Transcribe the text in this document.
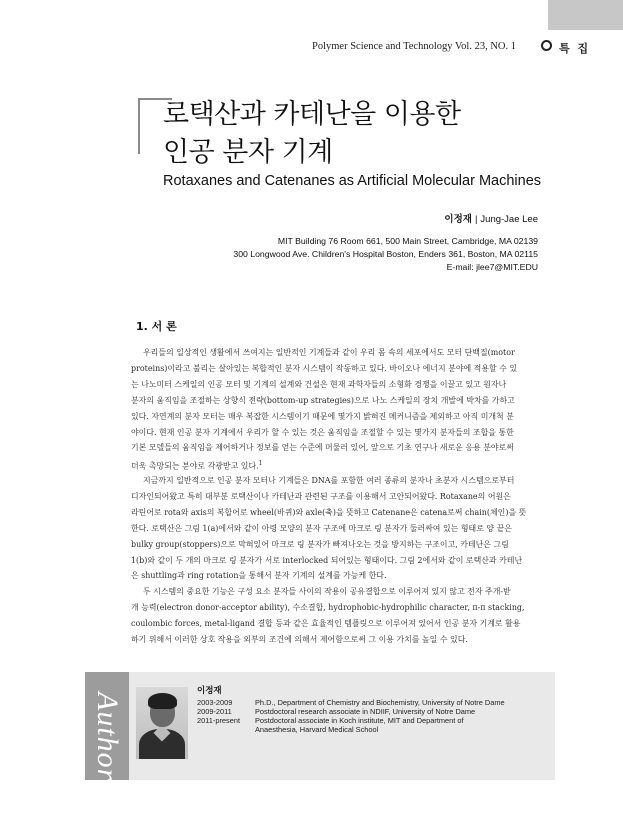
Polymer Science and Technology Vol. 23, NO. 1	특 집
로택산과 카테난을 이용한
인공 분자 기계
Rotaxanes and Catenanes as Artificial Molecular Machines
이정재 | Jung-Jae Lee
MIT Building 76 Room 661, 500 Main Street, Cambridge, MA 02139
300 Longwood Ave. Children's Hospital Boston, Enders 361, Boston, MA 02115
E-mail: jlee7@MIT.EDU
1. 서 론
우리들의 일상적인 생활에서 쓰여지는 일반적인 기계들과 같이 우리 몸 속의 세포에서도 모터 단백질(motor
proteins)이라고 불리는 살아있는 복합적인 분자 시스템이 작동하고 있다. 바이오나 에너지 분야에 적용할 수 있
는 나노미터 스케일의 인공 모터 및 기계의 설계와 건설은 현재 과학자들의 소형화 경쟁을 이끌고 있고 원자나
분자의 움직임을 조절하는 상향식 전략(bottom-up strategies)으로 나노 스케일의 장치 개발에 박차를 가하고
있다. 자연계의 분자 모터는 매우 복잡한 시스템이기 때문에 몇가지 밝혀진 메커니즘을 제외하고 아직 미개척 분
야이다. 현재 인공 분자 기계에서 우리가 할 수 있는 것은 움직임을 조절할 수 있는 몇가지 분자들의 조합을 통한
기본 모델들의 움직임을 제어하거나 정보를 얻는 수준에 머물러 있어, 앞으로 기초 연구나 새로운 응용 분야로써
더욱 촉망되는 분야로 각광받고 있다.$^1$
지금까지 일반적으로 인공 분자 모터나 기계들은 DNA를 포함한 여러 종류의 분자나 초분자 시스템으로부터
디자인되어왔고 특히 대부분 로택산이나 카테난과 관련된 구조를 이용해서 고안되어왔다. Rotaxane의 어원은
라틴어로 rota와 axis의 복합어로 wheel(바퀴)와 axle(축)을 뜻하고 Catenane은 catena로써 chain(체인)을 뜻
한다. 로택산은 그림 1(a)에서와 같이 아령 모양의 분자 구조에 마크로 링 분자가 둘러싸여 있는 형태로 양 끝은
bulky group(stoppers)으로 막혀있어 마크로 링 분자가 빠져나오는 것을 방지하는 구조이고, 카테난은 그림
1(b)와 같이 두 개의 마크로 링 분자가 서로 interlocked 되어있는 형태이다. 그림 2에서와 같이 로택산과 카테난
은 shuttling과 ring rotation을 통해서 분자 기계의 설계를 가능케 한다.
두 시스템의 중요한 기능은 구성 요소 분자들 사이의 작용이 공유결합으로 이루어져 있지 않고 전자 주개-받
개 능력(electron donor-acceptor ability), 수소결합, hydrophobic-hydrophilic character, π-π stacking,
coulombic forces, metal-ligand 결합 등과 같은 효율적인 템플릿으로 이루어져 있어서 인공 분자 기계로 활용
하기 위해서 이러한 상호 작용을 외부의 조건에 의해서 제어함으로써 그 이용 가치를 높일 수 있다.
Author
이정재
2003-2009	Ph.D., Department of Chemistry and Biochemistry, University of Notre Dame
2009-2011	Postdoctoral research associate in NDIIF, University of Notre Dame
2011-present Postdoctoral associate in Koch institute, MIT and Department of
Anaesthesia, Harvard Medical School
